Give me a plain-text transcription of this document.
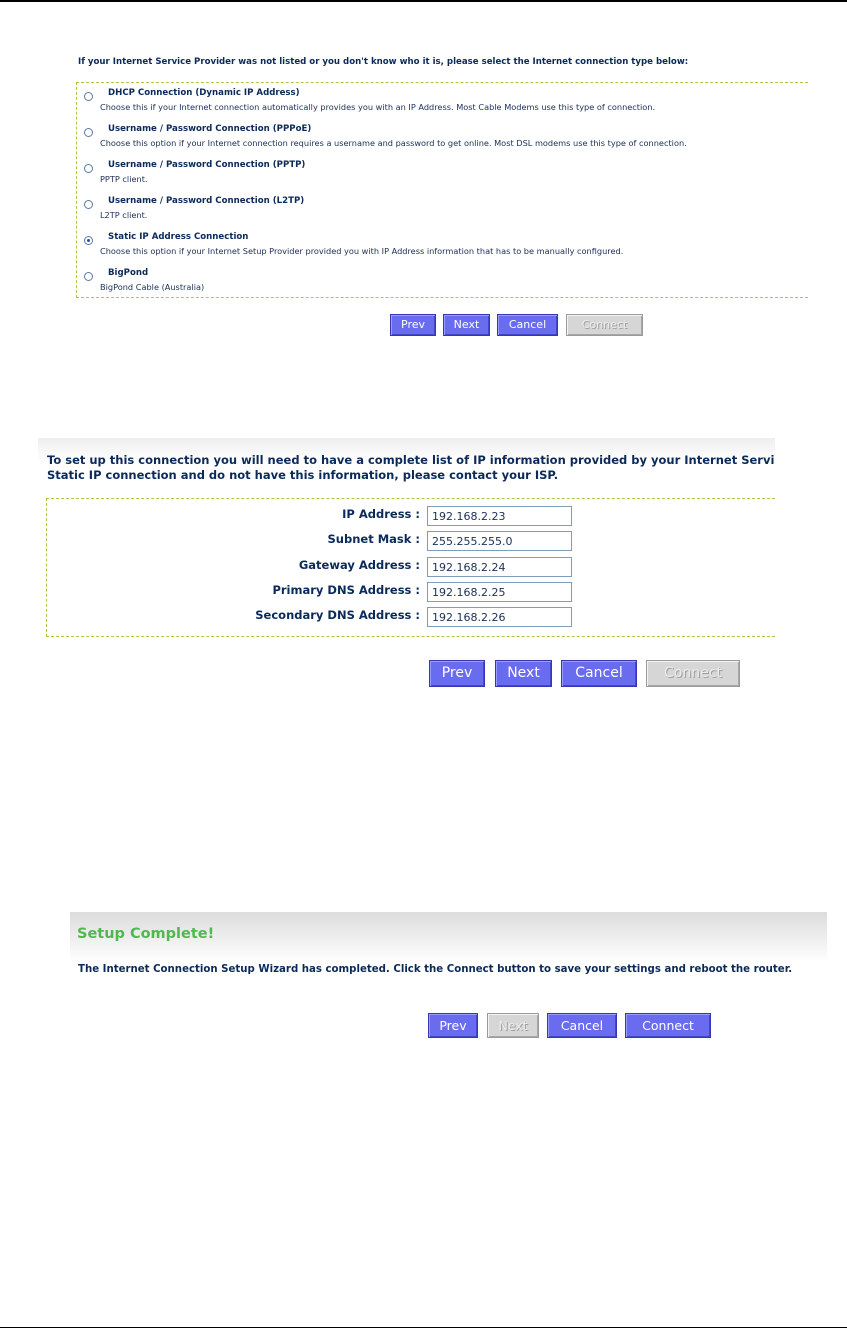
If your Internet Service Provider was not listed or you don't know who it is, please select the Internet connection type below:
DHCP Connection (Dynamic IP Address)
Choose this if your Internet connection automatically provides you with an IP Address. Most Cable Modems use this type of connection.
Username / Password Connection (PPPoE)
Choose this option if your Internet connection requires a username and password to get online. Most DSL modems use this type of connection.
Username / Password Connection (PPTP)
PPTP client.
Username / Password Connection (L2TP)
L2TP client.
Static IP Address Connection
Choose this option if your Internet Setup Provider provided you with IP Address information that has to be manually configured.
BigPond
BigPond Cable (Australia)
Prev	Next	Cancel	Connect
To set up this connection you will need to have a complete list of IP information provided by your Internet Servi
Static IP connection and do not have this information, please contact your ISP.
IP Address :
192.168.2.23
Subnet Mask :
255.255.255.0
Gateway Address :
192.168.2.24
Primary DNS Address :
192.168.2.25
Secondary DNS Address :
192.168.2.26
Prev	Next	Cancel	Connect
Setup Complete!
The Internet Connection Setup Wizard has completed. Click the Connect button to save your settings and reboot the router.
Prev	Next	Cancel	Connect
